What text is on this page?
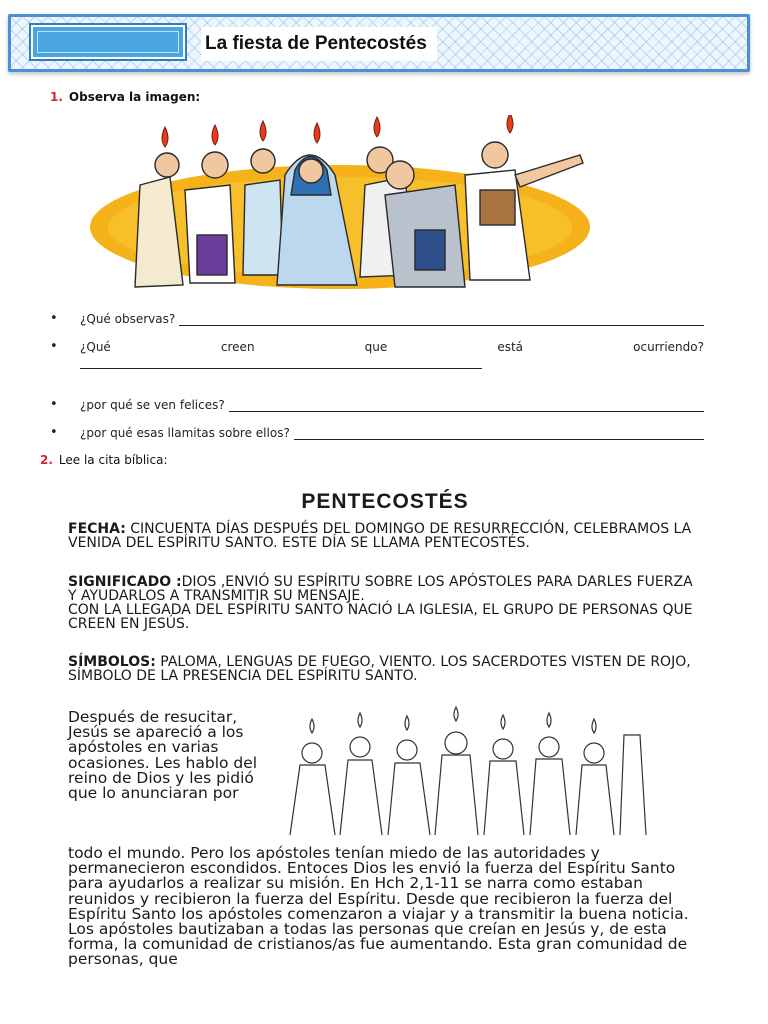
La fiesta de Pentecostés
1. Observa la imagen:
•	¿Qué observas?
•	¿Qué	creen	que	está	ocurriendo?
•	¿por qué se ven felices?
•	¿por qué esas llamitas sobre ellos?
2. Lee la cita bíblica:
PENTECOSTÉS
FECHA: CINCUENTA DÍAS DESPUÉS DEL DOMINGO DE RESURRECCIÓN, CELEBRAMOS LA VENIDA DEL ESPÍRITU SANTO. ESTE DÍA SE LLAMA PENTECOSTÉS.
SIGNIFICADO :DIOS ,ENVIÓ SU ESPÍRITU SOBRE LOS APÓSTOLES PARA DARLES FUERZA Y AYUDARLOS A TRANSMITIR SU MENSAJE.
CON LA LLEGADA DEL ESPÍRITU SANTO NACIÓ LA IGLESIA, EL GRUPO DE PERSONAS QUE CREEN EN JESÚS.
SÍMBOLOS: PALOMA, LENGUAS DE FUEGO, VIENTO. LOS SACERDOTES VISTEN DE ROJO, SÍMBOLO DE LA PRESENCIA DEL ESPÍRITU SANTO.
Después de resucitar, Jesús se apareció a los apóstoles en varias ocasiones. Les hablo del reino de Dios y les pidió que lo anunciaran por
todo el mundo. Pero los apóstoles tenían miedo de las autoridades y permanecieron escondidos. Entoces Dios les envió la fuerza del Espíritu Santo para ayudarlos a realizar su misión. En Hch 2,1-11 se narra como estaban reunidos y recibieron la fuerza del Espíritu. Desde que recibieron la fuerza del Espíritu Santo los apóstoles comenzaron a viajar y a transmitir la buena noticia. Los apóstoles bautizaban a todas las personas que creían en Jesús y, de esta forma, la comunidad de cristianos/as fue aumentando. Esta gran comunidad de personas, que
